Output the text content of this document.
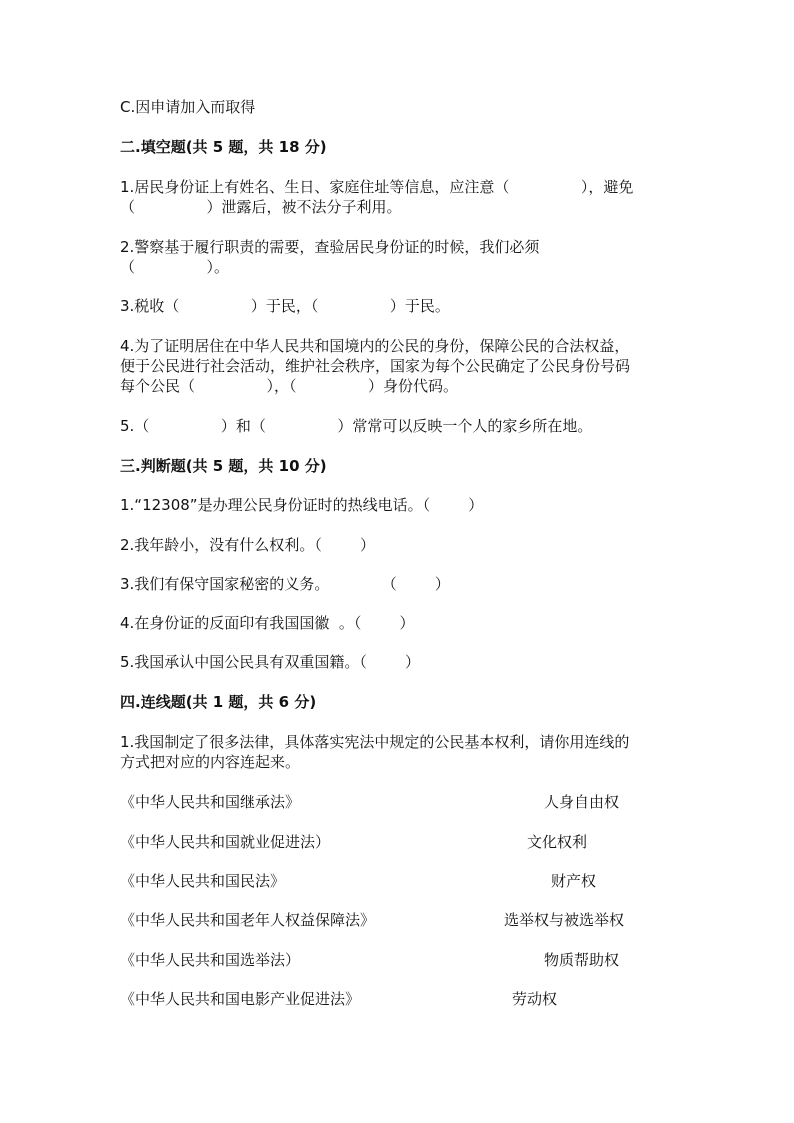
C.因申请加入而取得
二.填空题(共 5 题，共 18 分)
1.居民身份证上有姓名、生日、家庭住址等信息，应注意（               ），避免
（               ）泄露后，被不法分子利用。
2.警察基于履行职责的需要，查验居民身份证的时候，我们必须
（               ）。
3.税收（               ）于民，（               ）于民。
4.为了证明居住在中华人民共和国境内的公民的身份，保障公民的合法权益，
便于公民进行社会活动，维护社会秩序，国家为每个公民确定了公民身份号码
每个公民（               ），（               ）身份代码。
5.（               ）和（               ）常常可以反映一个人的家乡所在地。
三.判断题(共 5 题，共 10 分)
1.“12308”是办理公民身份证时的热线电话。（        ）
2.我年龄小，没有什么权利。（        ）
3.我们有保守国家秘密的义务。           （        ）
4.在身份证的反面印有我国国徽  。（        ）
5.我国承认中国公民具有双重国籍。（        ）
四.连线题(共 1 题，共 6 分)
1.我国制定了很多法律，具体落实宪法中规定的公民基本权利，请你用连线的
方式把对应的内容连起来。
《中华人民共和国继承法》	人身自由权
《中华人民共和国就业促进法）	文化权利
《中华人民共和国民法》	财产权
《中华人民共和国老年人权益保障法》	选举权与被选举权
《中华人民共和国选举法）	物质帮助权
《中华人民共和国电影产业促进法》	劳动权
